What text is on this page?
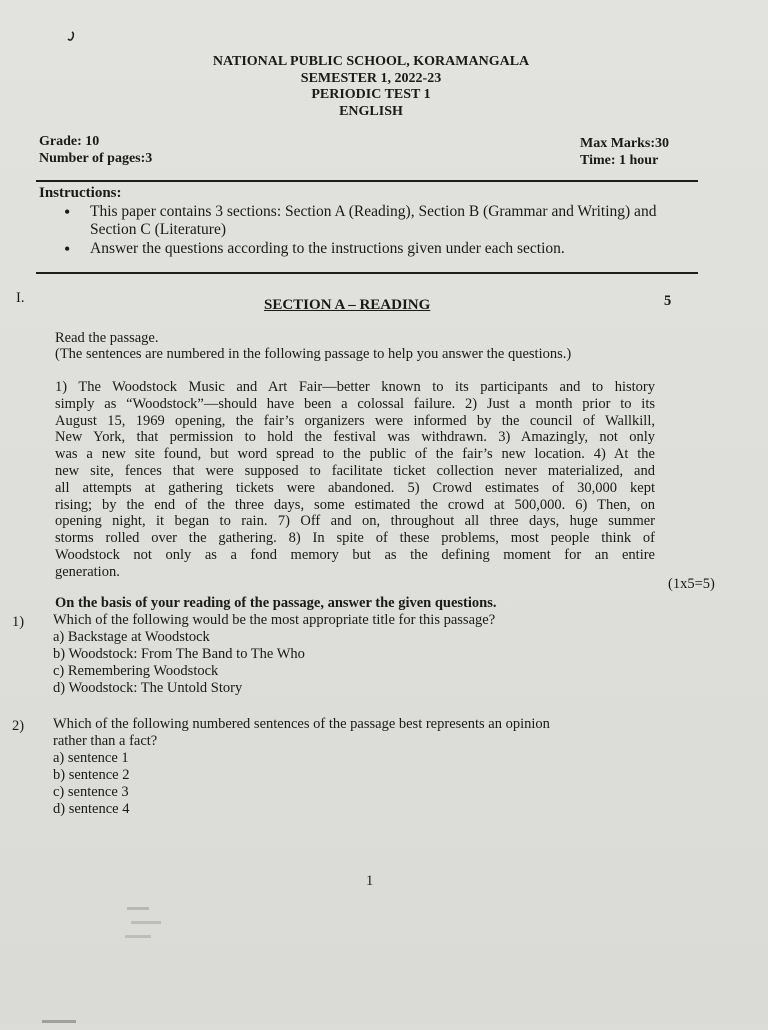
NATIONAL PUBLIC SCHOOL, KORAMANGALA
SEMESTER 1, 2022-23
PERIODIC TEST 1
ENGLISH
Grade: 10
Number of pages:3
Max Marks:30
Time: 1 hour
Instructions:
• This paper contains 3 sections: Section A (Reading), Section B (Grammar and Writing) and Section C (Literature)
• Answer the questions according to the instructions given under each section.
I.	SECTION A – READING	5
Read the passage.
(The sentences are numbered in the following passage to help you answer the questions.)
1) The Woodstock Music and Art Fair—better known to its participants and to history
simply as “Woodstock”—should have been a colossal failure. 2) Just a month prior to its
August 15, 1969 opening, the fair’s organizers were informed by the council of Wallkill,
New York, that permission to hold the festival was withdrawn. 3) Amazingly, not only
was a new site found, but word spread to the public of the fair’s new location. 4) At the
new site, fences that were supposed to facilitate ticket collection never materialized, and
all attempts at gathering tickets were abandoned. 5) Crowd estimates of 30,000 kept
rising; by the end of the three days, some estimated the crowd at 500,000. 6) Then, on
opening night, it began to rain. 7) Off and on, throughout all three days, huge summer
storms rolled over the gathering. 8) In spite of these problems, most people think of
Woodstock not only as a fond memory but as the defining moment for an entire
generation.
(1x5=5)
On the basis of your reading of the passage, answer the given questions.
1) Which of the following would be the most appropriate title for this passage?
a) Backstage at Woodstock
b) Woodstock: From The Band to The Who
c) Remembering Woodstock
d) Woodstock: The Untold Story
2) Which of the following numbered sentences of the passage best represents an opinion
rather than a fact?
a) sentence 1
b) sentence 2
c) sentence 3
d) sentence 4
1
